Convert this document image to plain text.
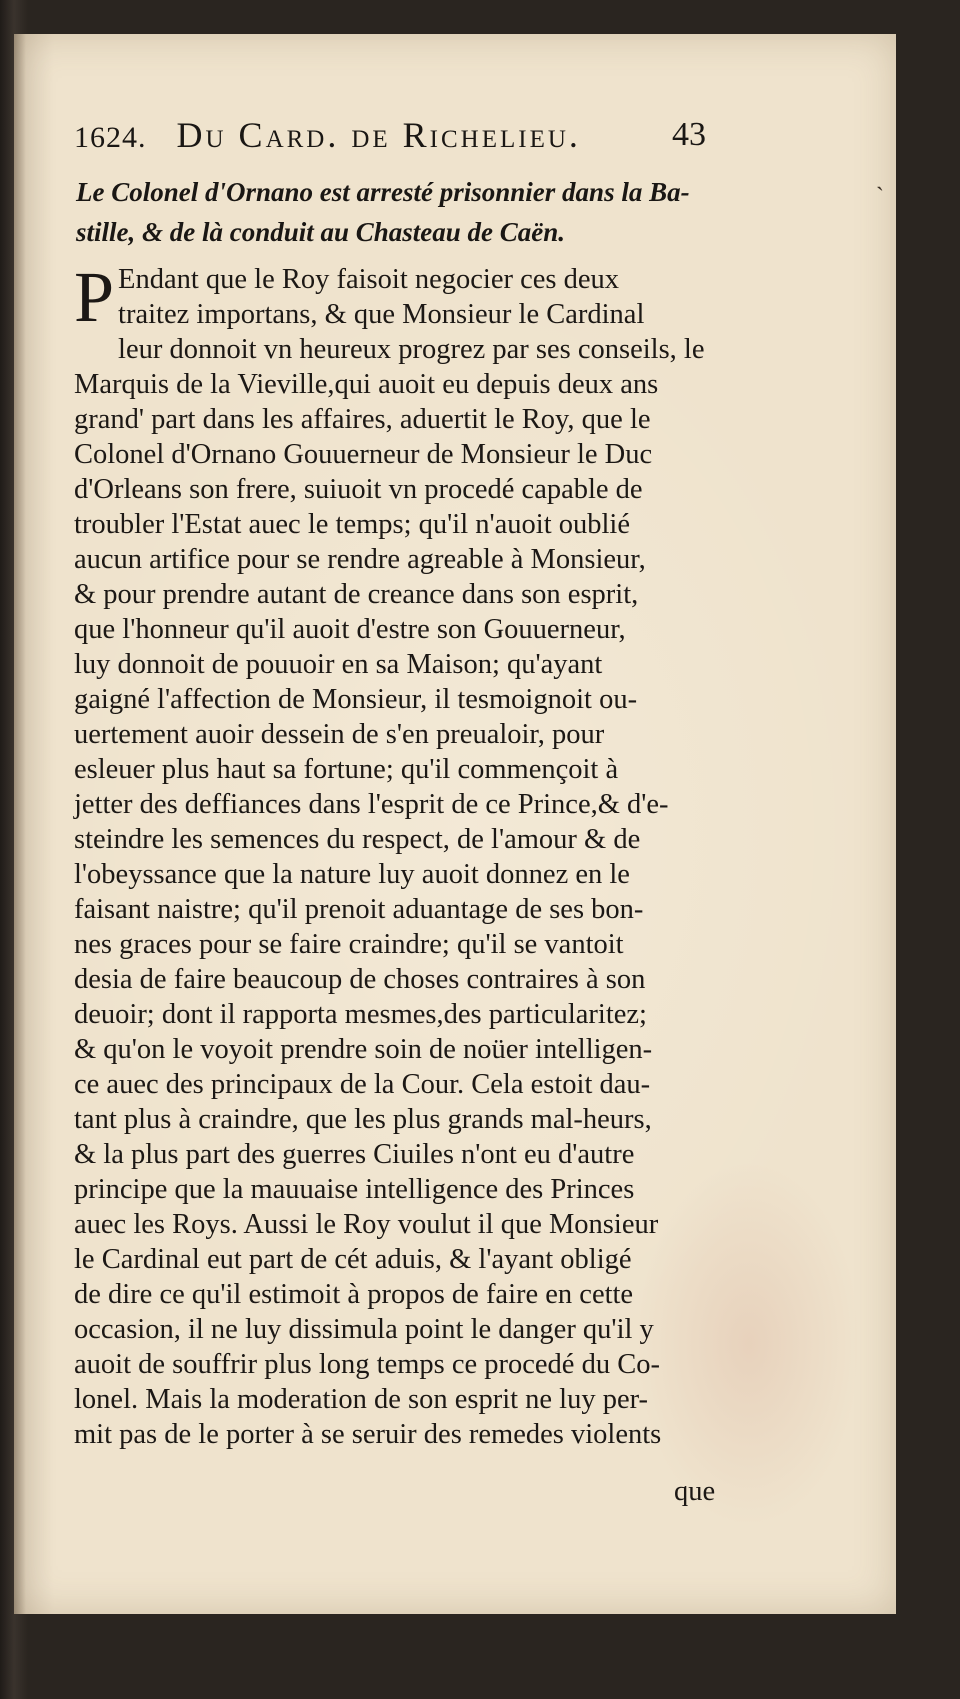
1624. Du Card. de Richelieu.	43
`
Le Colonel d'Ornano est arresté prisonnier dans la Ba-
stille, & de là conduit au Chasteau de Caën.
P Endant que le Roy faisoit negocier ces deux
traitez importans, & que Monsieur le Cardinal
leur donnoit vn heureux progrez par ses conseils, le
Marquis de la Vieville,qui auoit eu depuis deux ans
grand' part dans les affaires, aduertit le Roy, que le
Colonel d'Ornano Gouuerneur de Monsieur le Duc
d'Orleans son frere, suiuoit vn procedé capable de
troubler l'Estat auec le temps; qu'il n'auoit oublié
aucun artifice pour se rendre agreable à Monsieur,
& pour prendre autant de creance dans son esprit,
que l'honneur qu'il auoit d'estre son Gouuerneur,
luy donnoit de pouuoir en sa Maison; qu'ayant
gaigné l'affection de Monsieur, il tesmoignoit ou-
uertement auoir dessein de s'en preualoir, pour
esleuer plus haut sa fortune; qu'il commençoit à
jetter des deffiances dans l'esprit de ce Prince,& d'e-
steindre les semences du respect, de l'amour & de
l'obeyssance que la nature luy auoit donnez en le
faisant naistre; qu'il prenoit aduantage de ses bon-
nes graces pour se faire craindre; qu'il se vantoit
desia de faire beaucoup de choses contraires à son
deuoir; dont il rapporta mesmes,des particularitez;
& qu'on le voyoit prendre soin de noüer intelligen-
ce auec des principaux de la Cour. Cela estoit dau-
tant plus à craindre, que les plus grands mal-heurs,
& la plus part des guerres Ciuiles n'ont eu d'autre
principe que la mauuaise intelligence des Princes
auec les Roys. Aussi le Roy voulut il que Monsieur
le Cardinal eut part de cét aduis, & l'ayant obligé
de dire ce qu'il estimoit à propos de faire en cette
occasion, il ne luy dissimula point le danger qu'il y
auoit de souffrir plus long temps ce procedé du Co-
lonel. Mais la moderation de son esprit ne luy per-
mit pas de le porter à se seruir des remedes violents
que
